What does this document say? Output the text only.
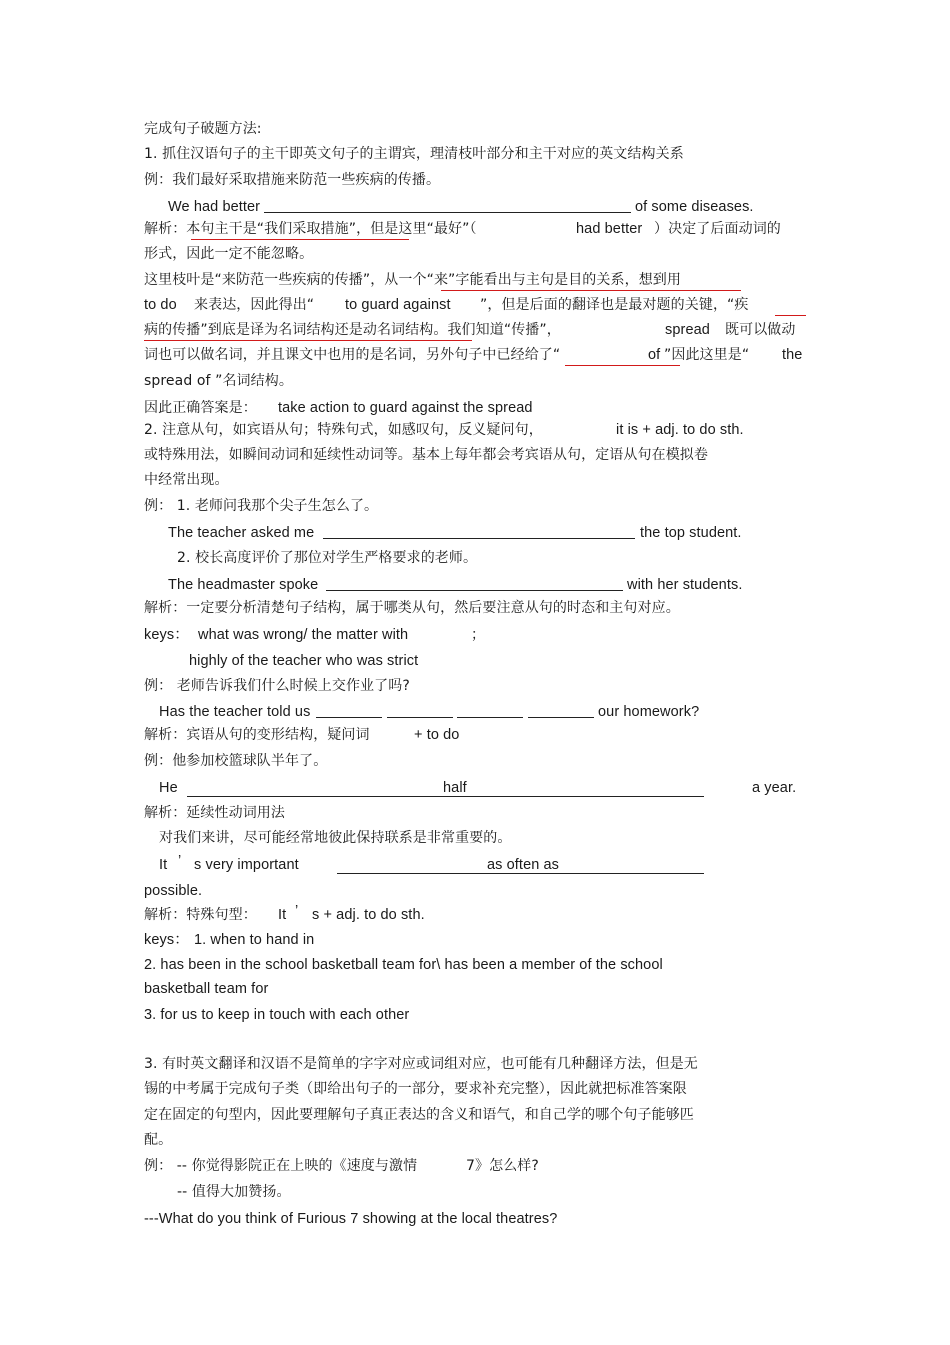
完成句子破题方法:
1. 抓住汉语句子的主干即英文句子的主谓宾，理清枝叶部分和主干对应的英文结构关系
例：我们最好采取措施来防范一些疾病的传播。
We had better	of some diseases.
解析：本句主干是“我们采取措施”，但是这里“最好”（	had better ）决定了后面动词的
形式，因此一定不能忽略。
这里枝叶是“来防范一些疾病的传播”，从一个“来”字能看出与主句是目的关系，想到用
to do 来表达，因此得出“ to guard against ”，但是后面的翻译也是最对题的关键，“疾
病的传播”到底是译为名词结构还是动名词结构。我们知道“传播”，	spread 既可以做动
词也可以做名词，并且课文中也用的是名词，另外句子中已经给了“	of ”因此这里是“ the
spread of ”名词结构。
因此正确答案是： take action to guard against the spread
2. 注意从句，如宾语从句；特殊句式，如感叹句，反义疑问句，	it is + adj. to do sth.
或特殊用法，如瞬间动词和延续性动词等。基本上每年都会考宾语从句，定语从句在模拟卷
中经常出现。
例： 1. 老师问我那个尖子生怎么了。
The teacher asked me	the top student.
2. 校长高度评价了那位对学生严格要求的老师。
The headmaster spoke	with her students.
解析：一定要分析清楚句子结构，属于哪类从句，然后要注意从句的时态和主句对应。
keys： what was wrong/ the matter with	；
highly of the teacher who was strict
例： 老师告诉我们什么时候上交作业了吗?
Has the teacher told us	our homework?
解析：宾语从句的变形结构，疑问词	+ to do
例：他参加校篮球队半年了。
He	half	a year.
解析：延续性动词用法
对我们来讲，尽可能经常地彼此保持联系是非常重要的。
It ’ s very important	as often as
possible.
解析：特殊句型： It ’ s + adj. to do sth.
keys： 1. when to hand in
2. has been in the school basketball team for\ has been a member of the school
basketball team for
3. for us to keep in touch with each other
3. 有时英文翻译和汉语不是简单的字字对应或词组对应，也可能有几种翻译方法，但是无
锡的中考属于完成句子类（即给出句子的一部分，要求补充完整），因此就把标准答案限
定在固定的句型内，因此要理解句子真正表达的含义和语气，和自己学的哪个句子能够匹
配。
例： -- 你觉得影院正在上映的《速度与激情	7》怎么样?
-- 值得大加赞扬。
---What do you think of Furious 7 showing at the local theatres?
